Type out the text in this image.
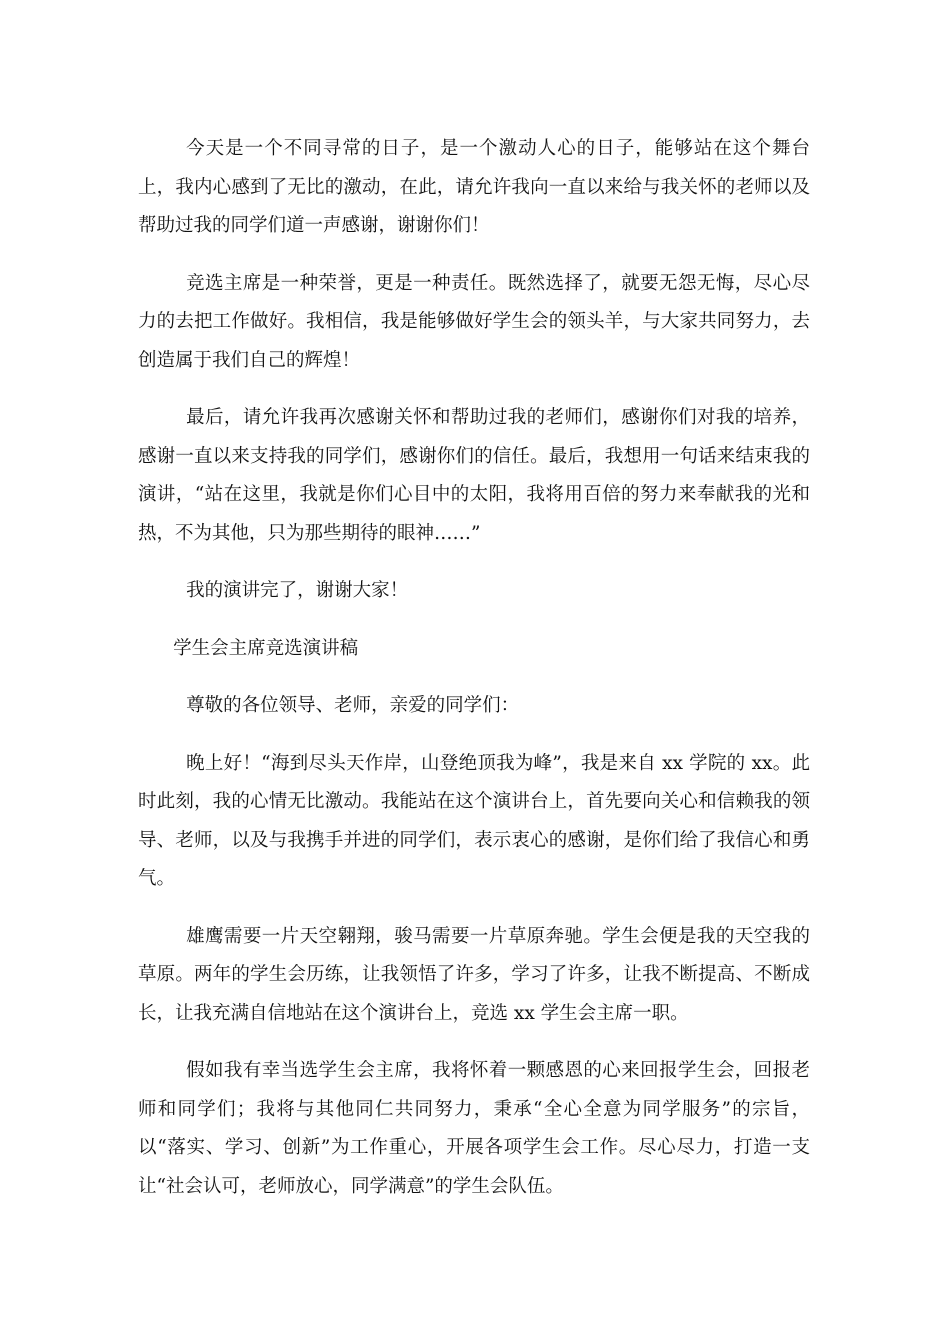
今天是一个不同寻常的日子，是一个激动人心的日子，能够站在这个舞台上，我内心感到了无比的激动，在此，请允许我向一直以来给与我关怀的老师以及帮助过我的同学们道一声感谢，谢谢你们！

竞选主席是一种荣誉，更是一种责任。既然选择了，就要无怨无悔，尽心尽力的去把工作做好。我相信，我是能够做好学生会的领头羊，与大家共同努力，去创造属于我们自己的辉煌！

最后，请允许我再次感谢关怀和帮助过我的老师们，感谢你们对我的培养，感谢一直以来支持我的同学们，感谢你们的信任。最后，我想用一句话来结束我的演讲，“站在这里，我就是你们心目中的太阳，我将用百倍的努力来奉献我的光和热，不为其他，只为那些期待的眼神……”

我的演讲完了，谢谢大家！

学生会主席竞选演讲稿

尊敬的各位领导、老师，亲爱的同学们：

晚上好！“海到尽头天作岸，山登绝顶我为峰”，我是来自 xx 学院的 xx。此时此刻，我的心情无比激动。我能站在这个演讲台上，首先要向关心和信赖我的领导、老师，以及与我携手并进的同学们，表示衷心的感谢，是你们给了我信心和勇气。

雄鹰需要一片天空翱翔，骏马需要一片草原奔驰。学生会便是我的天空我的草原。两年的学生会历练，让我领悟了许多，学习了许多，让我不断提高、不断成长，让我充满自信地站在这个演讲台上，竞选 xx 学生会主席一职。

假如我有幸当选学生会主席，我将怀着一颗感恩的心来回报学生会，回报老师和同学们；我将与其他同仁共同努力，秉承“全心全意为同学服务”的宗旨，以“落实、学习、创新”为工作重心，开展各项学生会工作。尽心尽力，打造一支让“社会认可，老师放心，同学满意”的学生会队伍。
